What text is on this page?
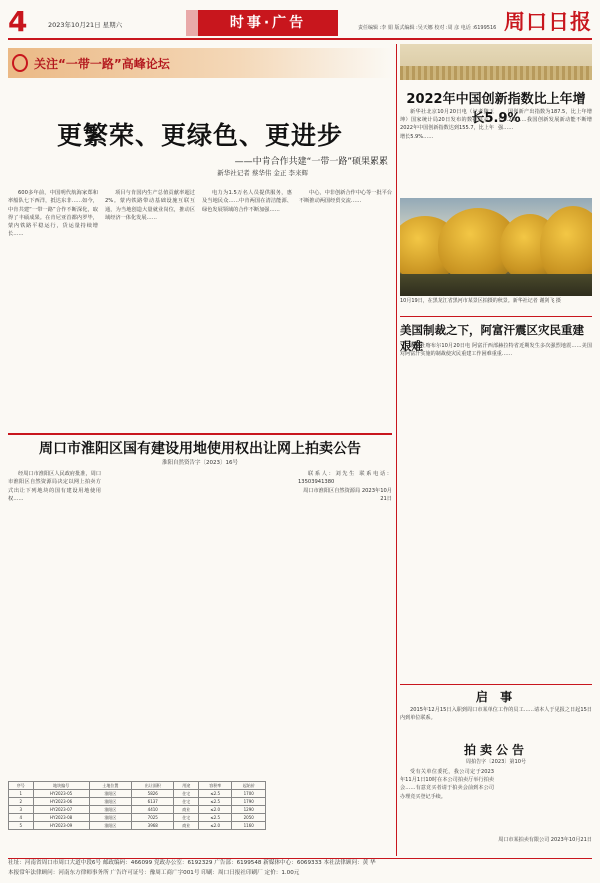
4	2023年10月21日 星期六	时事·广告	责任编辑 :李 娟 版式编辑 :吴天娜 校对 :周 彦 电话 :6199516 周口日报
关注“一带一路”高峰论坛
更繁荣、更绿色、更进步
——中肯合作共建“一带一路”硕果累累
新华社记者 蔡华伟 金正 李来辉

600多年前，中国明代航海家郑和率船队七下西洋，抵达东非……如今，中肯共建“一带一路”合作不断深化，取得了丰硕成果。在肯尼亚首都内罗毕，蒙内铁路平稳运行，货运量持续增长……

项目与肯国内生产总值贡献率超过2%。蒙内铁路带动基础设施互联互通，为当地创造大量就业岗位，推动区域经济一体化发展……

电力为1.5万名人员提供服务，惠及当地民众……中肯两国在清洁能源、绿色发展领域的合作不断加强……

中心，中非创新合作中心等一批平台不断推动两国经贸交流……

2022年中国创新指数比上年增长5.9%

新华社北京10月20日电（记者魏玉坤）国家统计局20日发布的数据显示，2022年中国创新指数达到155.7，比上年增长5.9%……

国创新产出指数为187.5，比上年增长9.2%……我国创新发展新动能不断增强……

10月19日，在黑龙江省黑河市某景区拍摄的秋景。新华社记者 谢剑飞 摄
美国制裁之下，阿富汗震区灾民重建艰难

新华社喀布尔10月20日电 阿富汗西部赫拉特省近期发生多次强烈地震……美国对阿富汗实施的制裁使灾民重建工作困难重重……

周口市淮阳区国有建设用地使用权出让网上拍卖公告
淮阳自然资告字〔2023〕16号

经周口市淮阳区人民政府批准，周口市淮阳区自然资源局决定以网上拍卖方式出让下列地块的国有建设用地使用权……

联系人：刘先生 联系电话：13503941380

周口市淮阳区自然资源局 2023年10月21日

序号	地块编号	土地位置	出让面积	用途	容积率	起始价
1	HY2023-05	淮阳区	5826	住宅	≤2.5	1700
2	HY2023-06	淮阳区	6137	住宅	≤2.5	1790
3	HY2023-07	淮阳区	4410	商业	≤2.0	1290
4	HY2023-08	淮阳区	7025	住宅	≤2.5	2050
5	HY2023-09	淮阳区	3968	商业	≤2.0	1160
启 事

2015年12月15日入职到周口市某单位工作的员工……请本人于见报之日起15日内到单位联系。

拍卖公告
周拍告字〔2023〕第10号

受有关单位委托，我公司定于2023年11月1日10时在本公司拍卖厅举行拍卖会……有意竞买者请于拍卖会前到本公司办理竞买登记手续。

周口市某拍卖有限公司 2023年10月21日
社址：河南省周口市周口大道中段6号 邮政编码：466099 党政办公室：6192329 广告部：6199548 新媒体中心：6069333 本社法律顾问：黄 华
本报常年法律顾问：河南东方律师事务所 广告许可证号：豫周工商广字001号 印刷：周口日报社印刷厂 定价：1.00元
